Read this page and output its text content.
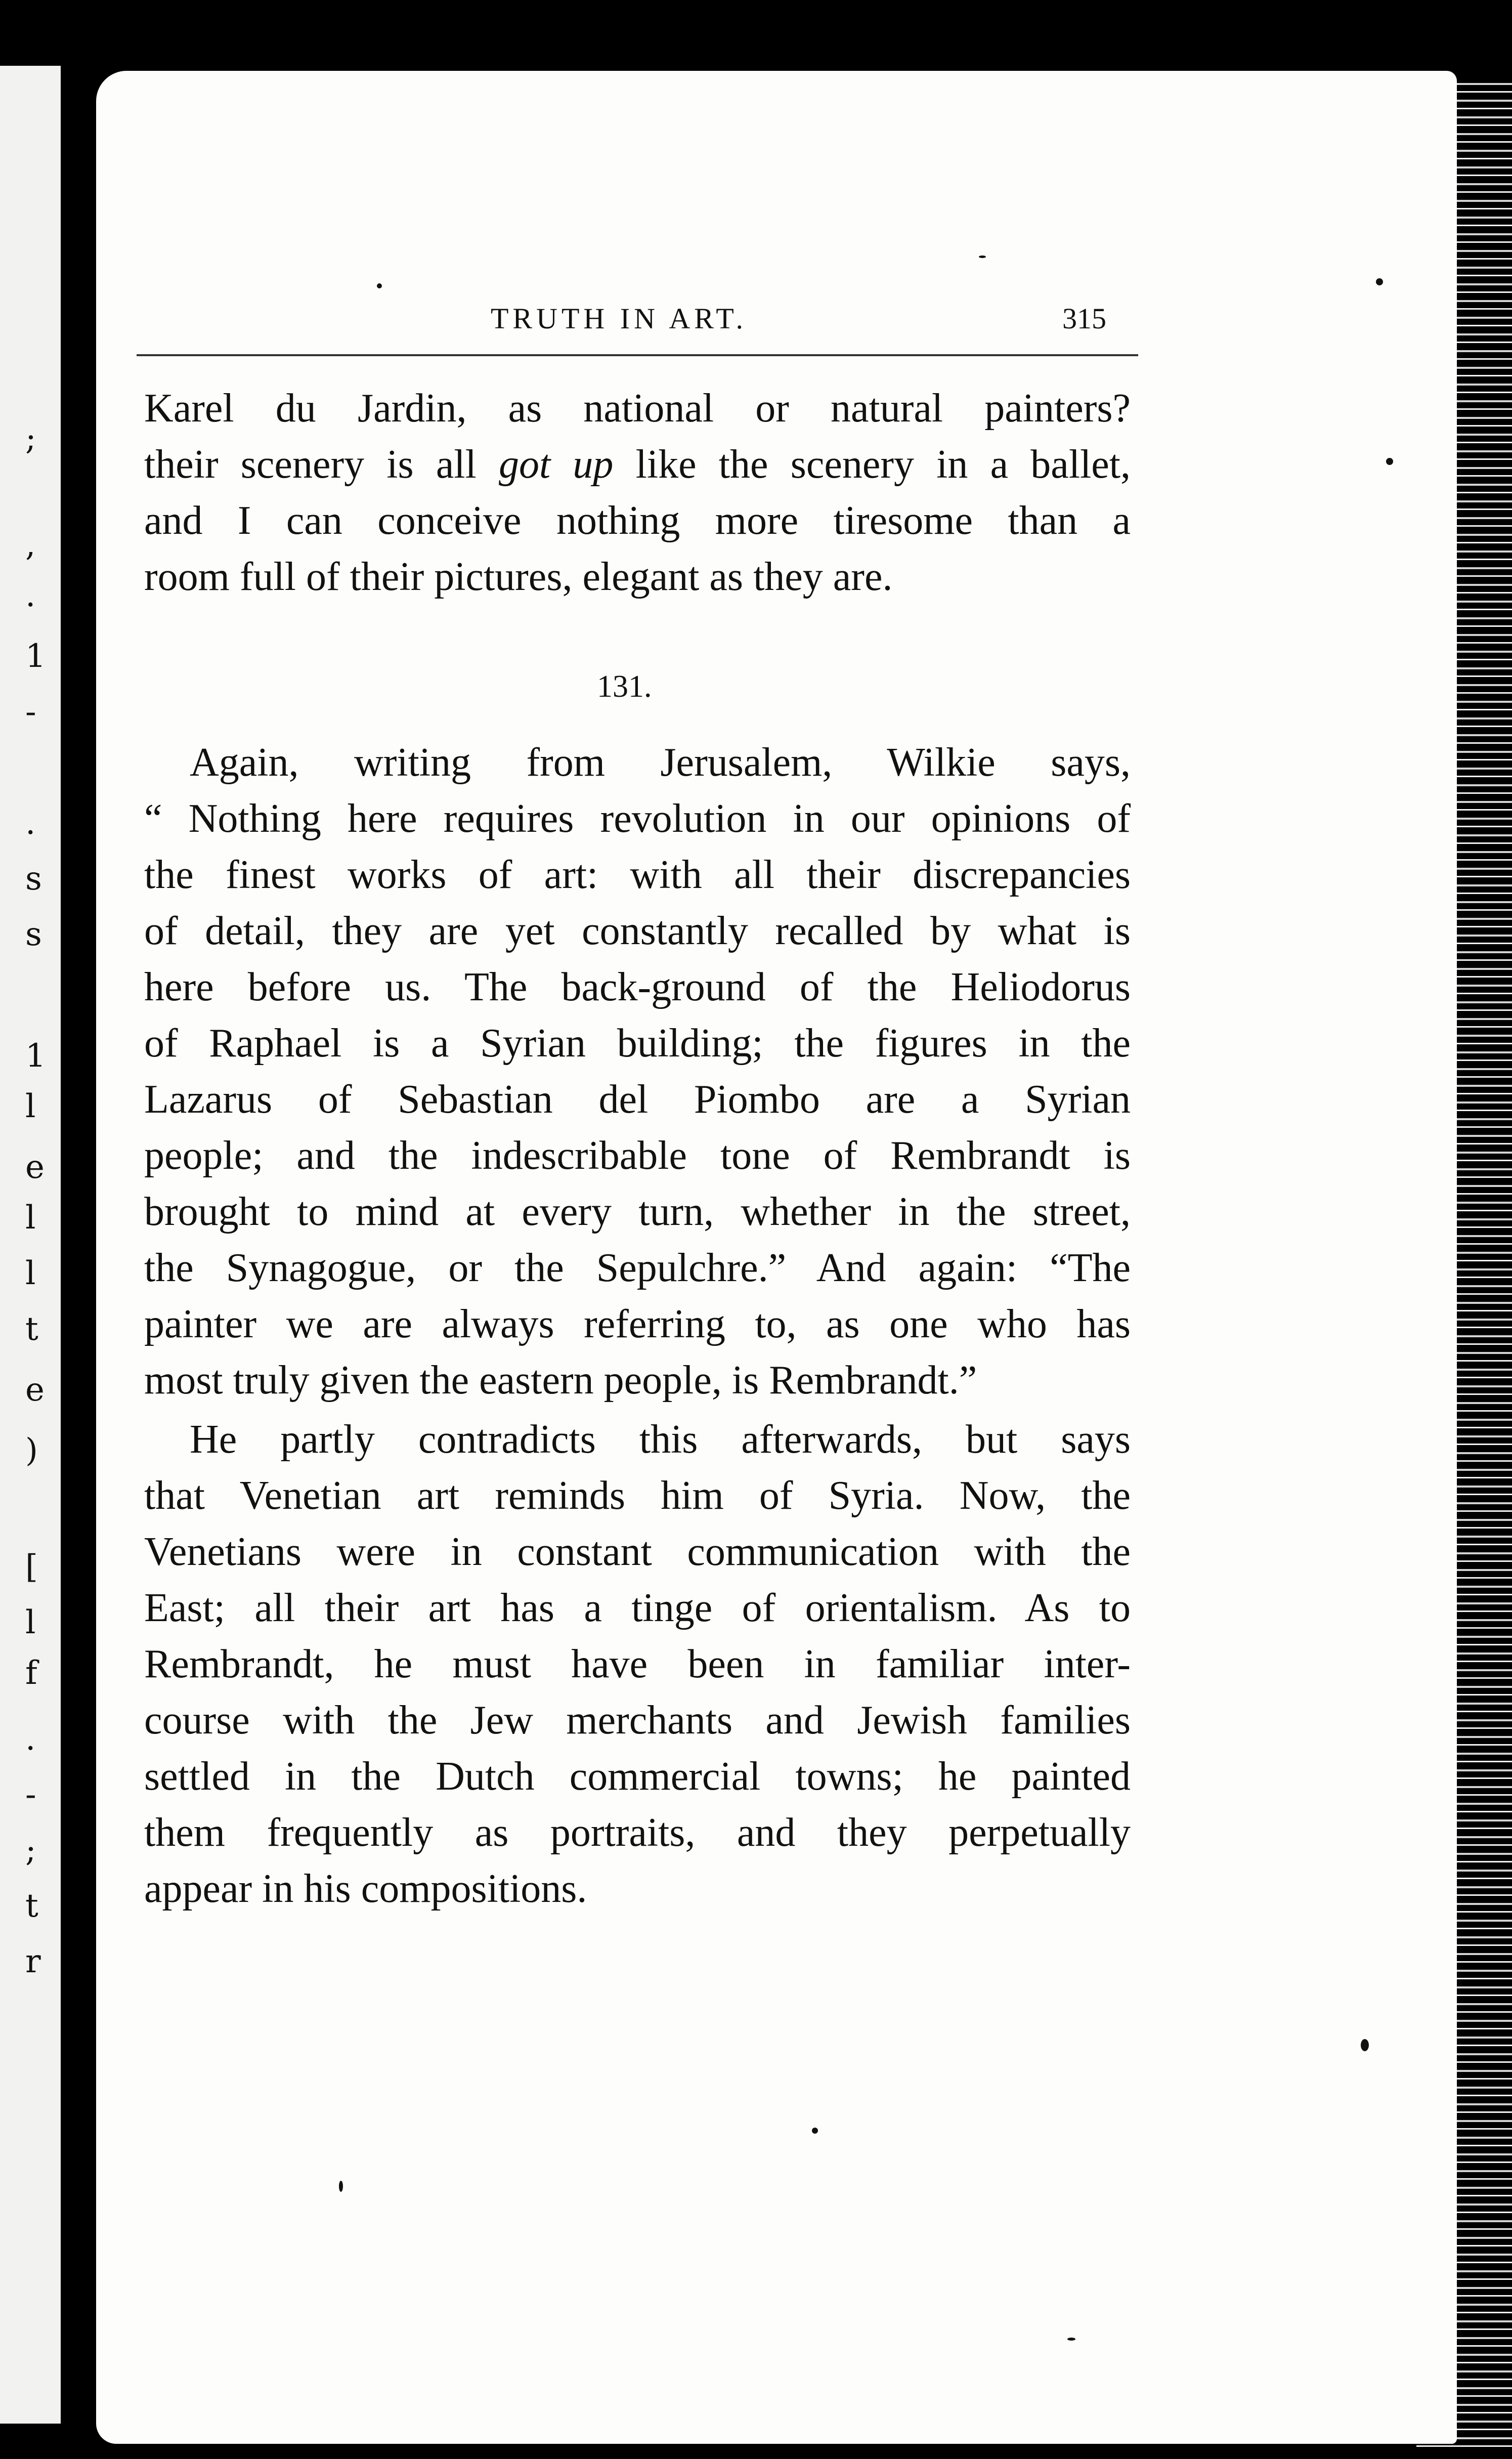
;
,
.
1
-
.
s
s
1
l
e
l
l
t
e
)
[
l
f
.
-
;
t
r
TRUTH IN ART.	315
Karel du Jardin, as national or natural painters?
their scenery is all got up like the scenery in a ballet,
and I can conceive nothing more tiresome than a
room full of their pictures, elegant as they are.
131.
Again, writing from Jerusalem, Wilkie says,
“ Nothing here requires revolution in our opinions of
the finest works of art: with all their discrepancies
of detail, they are yet constantly recalled by what is
here before us. The back-ground of the Heliodorus
of Raphael is a Syrian building; the figures in the
Lazarus of Sebastian del Piombo are a Syrian
people; and the indescribable tone of Rembrandt is
brought to mind at every turn, whether in the street,
the Synagogue, or the Sepulchre.” And again: “The
painter we are always referring to, as one who has
most truly given the eastern people, is Rembrandt.”
He partly contradicts this afterwards, but says
that Venetian art reminds him of Syria. Now, the
Venetians were in constant communication with the
East; all their art has a tinge of orientalism. As to
Rembrandt, he must have been in familiar inter-
course with the Jew merchants and Jewish families
settled in the Dutch commercial towns; he painted
them frequently as portraits, and they perpetually
appear in his compositions.
